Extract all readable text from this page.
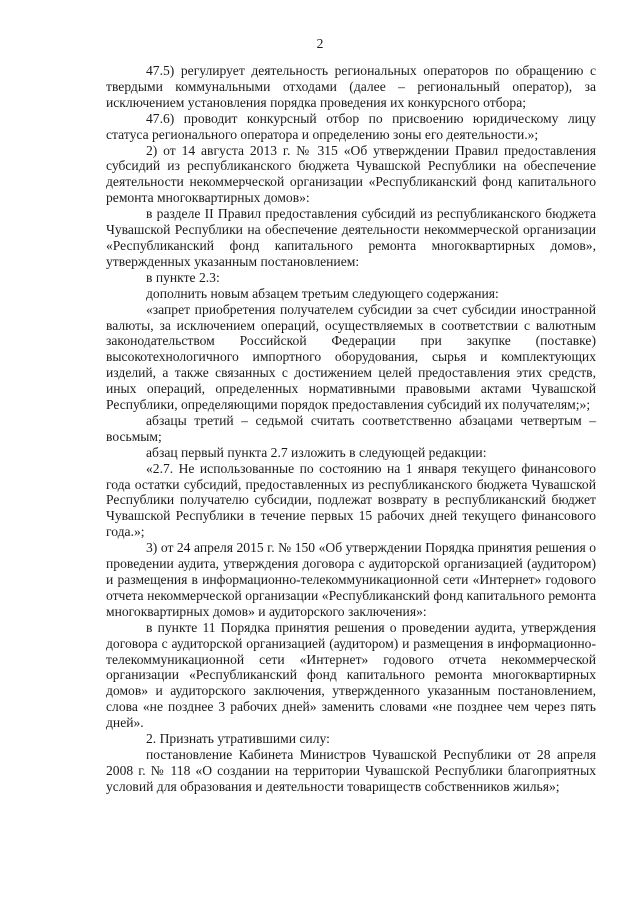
2

47.5) регулирует деятельность региональных операторов по обращению с твердыми коммунальными отходами (далее – региональный оператор), за исключением установления порядка проведения их конкурсного отбора;

47.6) проводит конкурсный отбор по присвоению юридическому лицу статуса регионального оператора и определению зоны его деятельности.»;

2) от 14 августа 2013 г. № 315 «Об утверждении Правил предоставления субсидий из республиканского бюджета Чувашской Республики на обеспечение деятельности некоммерческой организации «Республиканский фонд капитального ремонта многоквартирных домов»:

в разделе II Правил предоставления субсидий из республиканского бюджета Чувашской Республики на обеспечение деятельности некоммерческой организации «Республиканский фонд капитального ремонта многоквартирных домов», утвержденных указанным постановлением:

в пункте 2.3:

дополнить новым абзацем третьим следующего содержания:

«запрет приобретения получателем субсидии за счет субсидии иностранной валюты, за исключением операций, осуществляемых в соответствии с валютным законодательством Российской Федерации при закупке (поставке) высокотехнологичного импортного оборудования, сырья и комплектующих изделий, а также связанных с достижением целей предоставления этих средств, иных операций, определенных нормативными правовыми актами Чувашской Республики, определяющими порядок предоставления субсидий их получателям;»;

абзацы третий – седьмой считать соответственно абзацами четвертым – восьмым;

абзац первый пункта 2.7 изложить в следующей редакции:

«2.7. Не использованные по состоянию на 1 января текущего финансового года остатки субсидий, предоставленных из республиканского бюджета Чувашской Республики получателю субсидии, подлежат возврату в республиканский бюджет Чувашской Республики в течение первых 15 рабочих дней текущего финансового года.»;

3) от 24 апреля 2015 г. № 150 «Об утверждении Порядка принятия решения о проведении аудита, утверждения договора с аудиторской организацией (аудитором) и размещения в информационно-телекоммуникационной сети «Интернет» годового отчета некоммерческой организации «Республиканский фонд капитального ремонта многоквартирных домов» и аудиторского заключения»:

в пункте 11 Порядка принятия решения о проведении аудита, утверждения договора с аудиторской организацией (аудитором) и размещения в информационно-телекоммуникационной сети «Интернет» годового отчета некоммерческой организации «Республиканский фонд капитального ремонта многоквартирных домов» и аудиторского заключения, утвержденного указанным постановлением, слова «не позднее 3 рабочих дней» заменить словами «не позднее чем через пять дней».

2. Признать утратившими силу:

постановление Кабинета Министров Чувашской Республики от 28 апреля 2008 г. № 118 «О создании на территории Чувашской Республики благоприятных условий для образования и деятельности товариществ собственников жилья»;
